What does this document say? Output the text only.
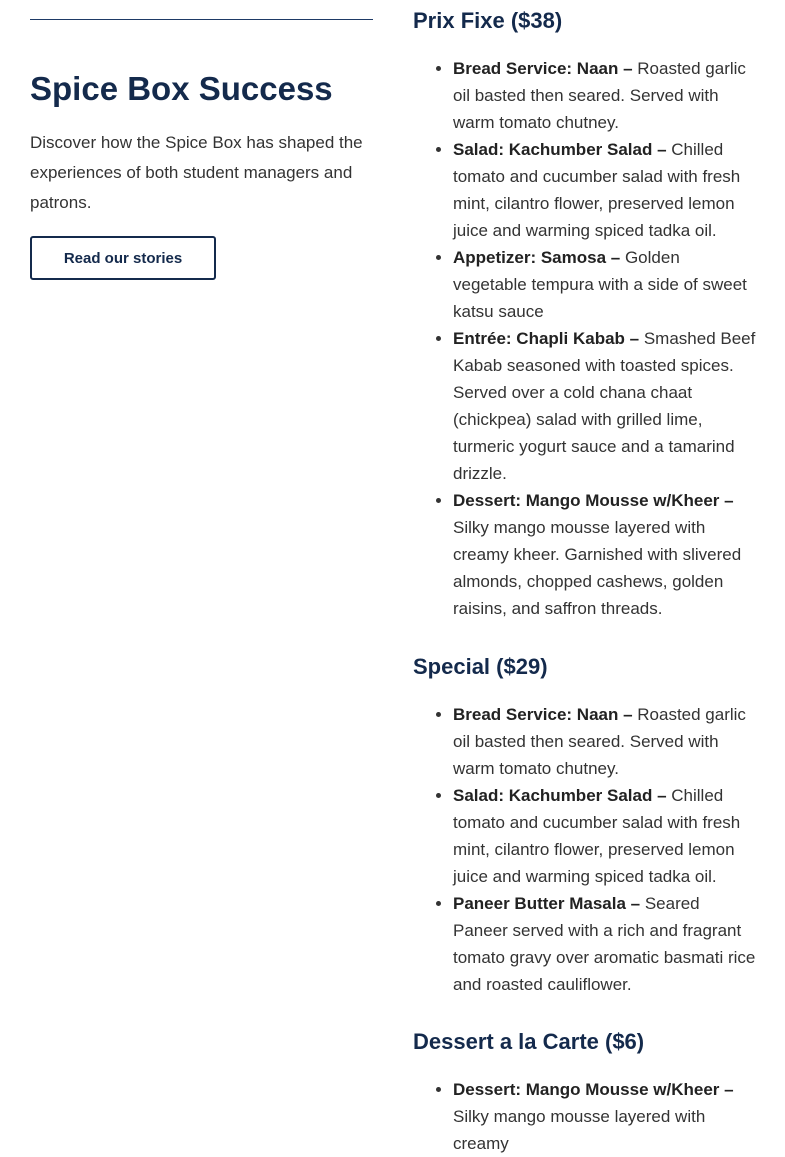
Spice Box Success

Discover how the Spice Box has shaped the experiences of both student managers and patrons.

Read our stories
Prix Fixe ($38)
• Bread Service: Naan – Roasted garlic oil basted then seared. Served with warm tomato chutney.
• Salad: Kachumber Salad – Chilled tomato and cucumber salad with fresh mint, cilantro flower, preserved lemon juice and warming spiced tadka oil.
• Appetizer: Samosa – Golden vegetable tempura with a side of sweet katsu sauce
• Entrée: Chapli Kabab – Smashed Beef Kabab seasoned with toasted spices. Served over a cold chana chaat (chickpea) salad with grilled lime, turmeric yogurt sauce and a tamarind drizzle.
• Dessert: Mango Mousse w/Kheer – Silky mango mousse layered with creamy kheer. Garnished with slivered almonds, chopped cashews, golden raisins, and saffron threads.
Special ($29)
• Bread Service: Naan – Roasted garlic oil basted then seared. Served with warm tomato chutney.
• Salad: Kachumber Salad – Chilled tomato and cucumber salad with fresh mint, cilantro flower, preserved lemon juice and warming spiced tadka oil.
• Paneer Butter Masala – Seared Paneer served with a rich and fragrant tomato gravy over aromatic basmati rice and roasted cauliflower.
Dessert a la Carte ($6)
• Dessert: Mango Mousse w/Kheer – Silky mango mousse layered with creamy
